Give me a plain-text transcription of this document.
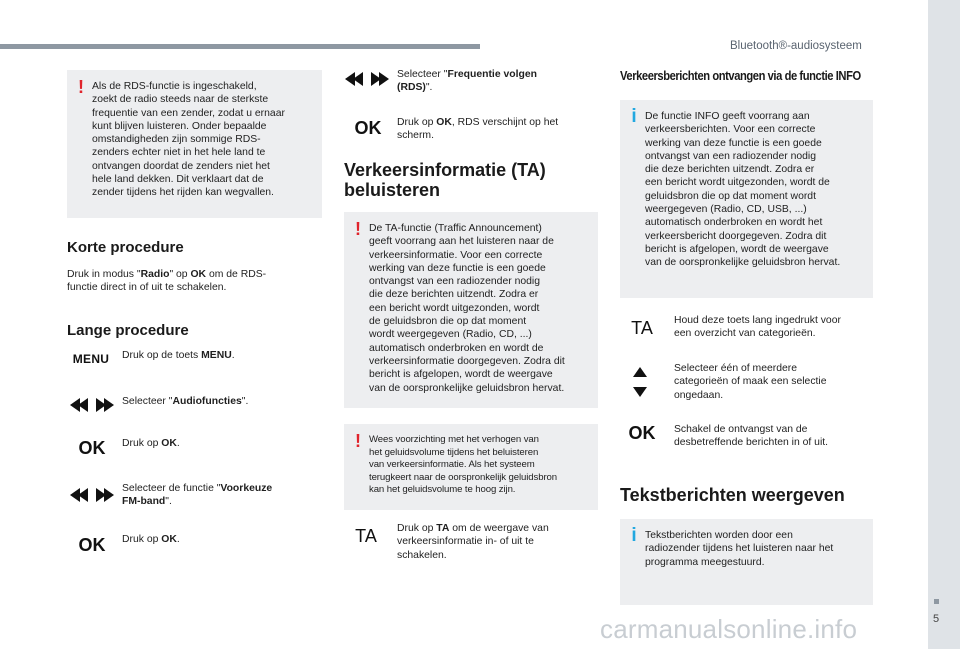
Bluetooth®-audiosysteem
5
carmanualsonline.info
! Als de RDS-functie is ingeschakeld,
zoekt de radio steeds naar de sterkste
frequentie van een zender, zodat u ernaar
kunt blijven luisteren. Onder bepaalde
omstandigheden zijn sommige RDS-
zenders echter niet in het hele land te
ontvangen doordat de zenders niet het
hele land dekken. Dit verklaart dat de
zender tijdens het rijden kan wegvallen.
Korte procedure
Druk in modus "Radio" op OK om de RDS-
functie direct in of uit te schakelen.
Lange procedure
MENU	Druk op de toets MENU.
Selecteer "Audiofuncties".
OK	Druk op OK.
Selecteer de functie "Voorkeuze
FM-band".
OK	Druk op OK.
Selecteer "Frequentie volgen
(RDS)".
OK	Druk op OK, RDS verschijnt op het
scherm.
Verkeersinformatie (TA)
beluisteren
! De TA-functie (Traffic Announcement)
geeft voorrang aan het luisteren naar de
verkeersinformatie. Voor een correcte
werking van deze functie is een goede
ontvangst van een radiozender nodig
die deze berichten uitzendt. Zodra er
een bericht wordt uitgezonden, wordt
de geluidsbron die op dat moment
wordt weergegeven (Radio, CD, ...)
automatisch onderbroken en wordt de
verkeersinformatie doorgegeven. Zodra dit
bericht is afgelopen, wordt de weergave
van de oorspronkelijke geluidsbron hervat.
! Wees voorzichting met het verhogen van
het geluidsvolume tijdens het beluisteren
van verkeersinformatie. Als het systeem
terugkeert naar de oorspronkelijk geluidsbron
kan het geluidsvolume te hoog zijn.
TA	Druk op TA om de weergave van
verkeersinformatie in- of uit te
schakelen.
Verkeersberichten ontvangen via de functie INFO
i De functie INFO geeft voorrang aan
verkeersberichten. Voor een correcte
werking van deze functie is een goede
ontvangst van een radiozender nodig
die deze berichten uitzendt. Zodra er
een bericht wordt uitgezonden, wordt de
geluidsbron die op dat moment wordt
weergegeven (Radio, CD, USB, ...)
automatisch onderbroken en wordt het
verkeersbericht doorgegeven. Zodra dit
bericht is afgelopen, wordt de weergave
van de oorspronkelijke geluidsbron hervat.
TA	Houd deze toets lang ingedrukt voor
een overzicht van categorieën.
Selecteer één of meerdere
categorieën of maak een selectie
ongedaan.
OK	Schakel de ontvangst van de
desbetreffende berichten in of uit.
Tekstberichten weergeven
i Tekstberichten worden door een
radiozender tijdens het luisteren naar het
programma meegestuurd.
